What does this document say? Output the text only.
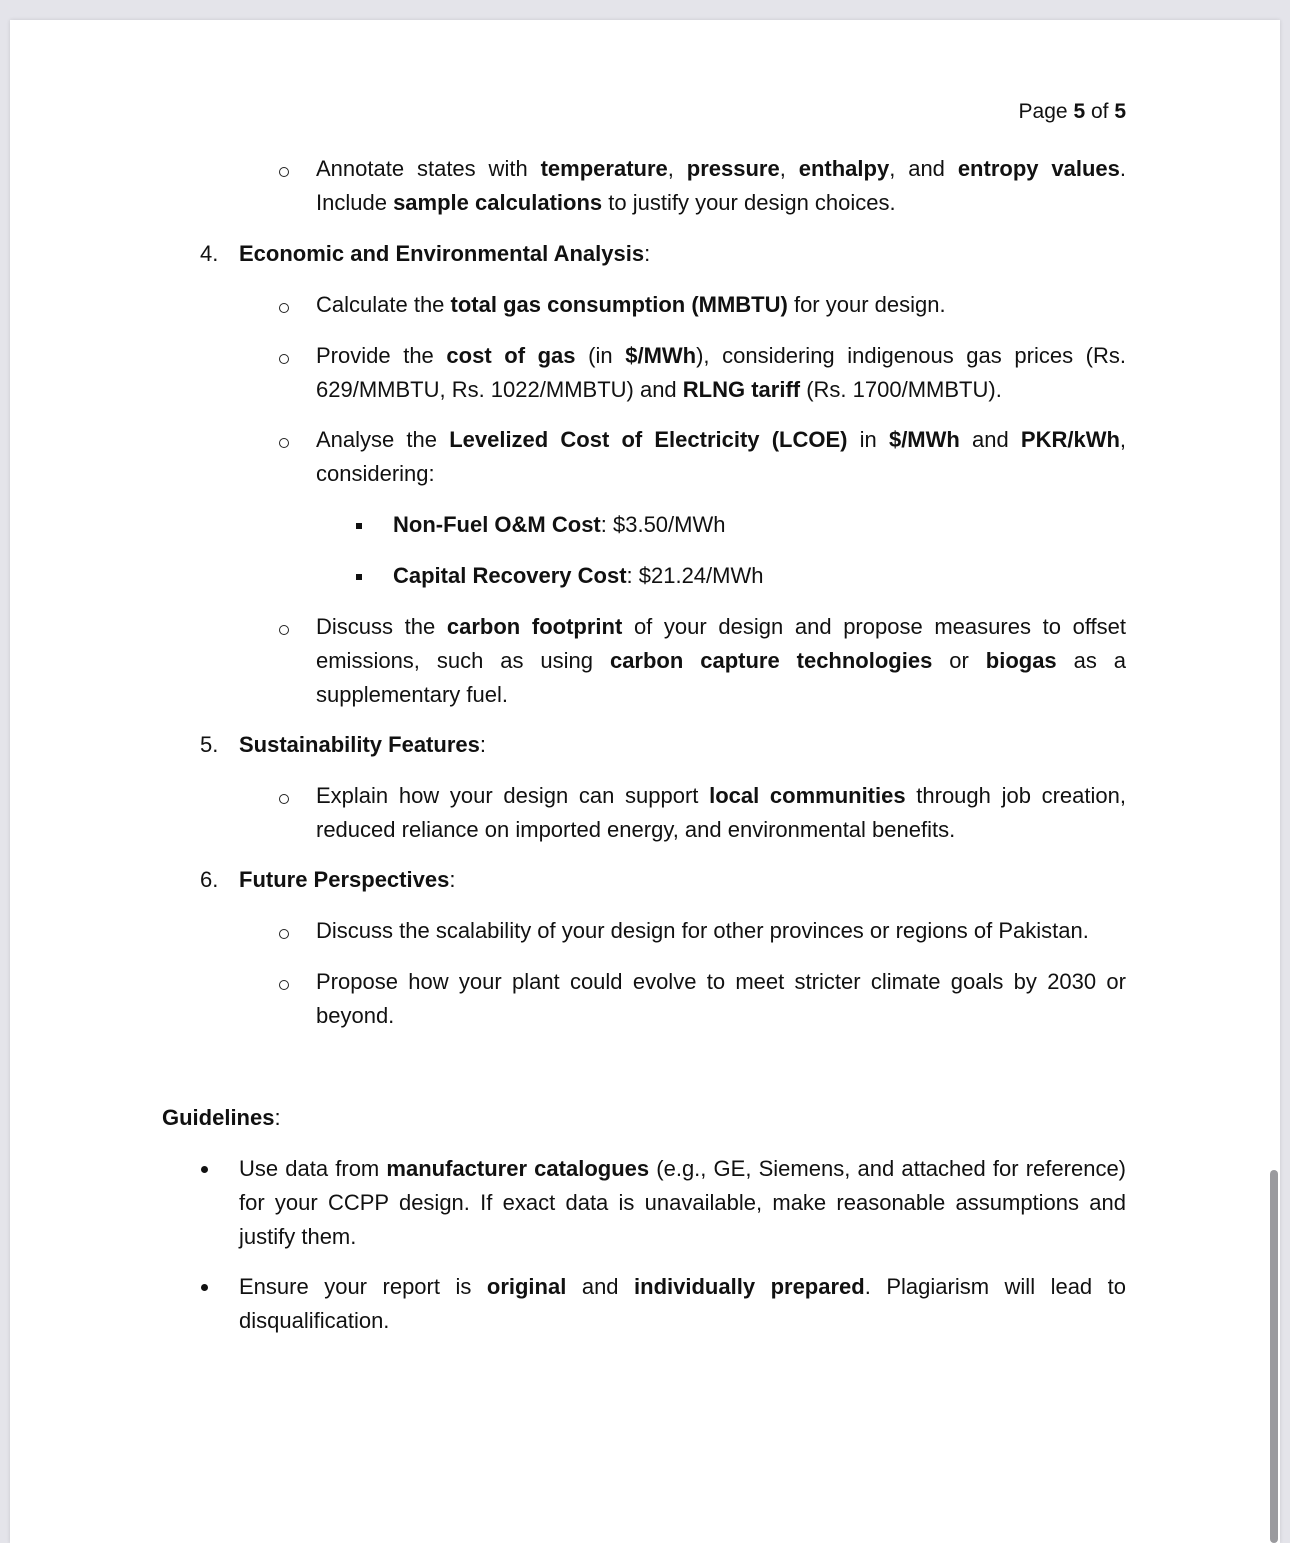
Page 5 of 5
Annotate states with temperature, pressure, enthalpy, and entropy values. Include sample calculations to justify your design choices.
4. Economic and Environmental Analysis:
Calculate the total gas consumption (MMBTU) for your design.
Provide the cost of gas (in $/MWh), considering indigenous gas prices (Rs. 629/MMBTU, Rs. 1022/MMBTU) and RLNG tariff (Rs. 1700/MMBTU).
Analyse the Levelized Cost of Electricity (LCOE) in $/MWh and PKR/kWh, considering:
Non-Fuel O&M Cost: $3.50/MWh
Capital Recovery Cost: $21.24/MWh
Discuss the carbon footprint of your design and propose measures to offset emissions, such as using carbon capture technologies or biogas as a supplementary fuel.
5. Sustainability Features:
Explain how your design can support local communities through job creation, reduced reliance on imported energy, and environmental benefits.
6. Future Perspectives:
Discuss the scalability of your design for other provinces or regions of Pakistan.
Propose how your plant could evolve to meet stricter climate goals by 2030 or beyond.
Guidelines:
Use data from manufacturer catalogues (e.g., GE, Siemens, and attached for reference) for your CCPP design. If exact data is unavailable, make reasonable assumptions and justify them.
Ensure your report is original and individually prepared. Plagiarism will lead to disqualification.
